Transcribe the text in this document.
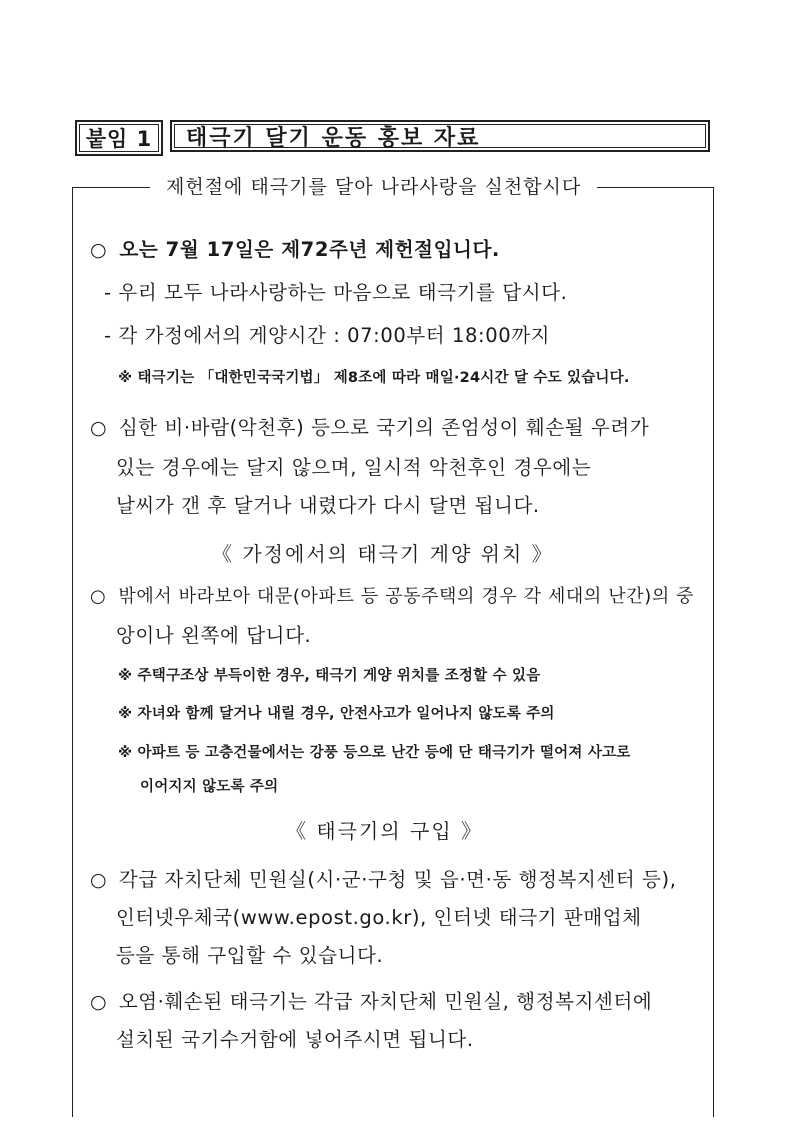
붙임 1	태극기 달기 운동 홍보 자료
제헌절에 태극기를 달아 나라사랑을 실천합시다
○ 오는 7월 17일은 제72주년 제헌절입니다.
- 우리 모두 나라사랑하는 마음으로 태극기를 답시다.
- 각 가정에서의 게양시간 : 07:00부터 18:00까지
※ 태극기는 「대한민국국기법」 제8조에 따라 매일·24시간 달 수도 있습니다.
○ 심한 비·바람(악천후) 등으로 국기의 존엄성이 훼손될 우려가
있는 경우에는 달지 않으며, 일시적 악천후인 경우에는
날씨가 갠 후 달거나 내렸다가 다시 달면 됩니다.
《 가정에서의 태극기 게양 위치 》
○ 밖에서 바라보아 대문(아파트 등 공동주택의 경우 각 세대의 난간)의 중
앙이나 왼쪽에 답니다.
※ 주택구조상 부득이한 경우, 태극기 게양 위치를 조정할 수 있음
※ 자녀와 함께 달거나 내릴 경우, 안전사고가 일어나지 않도록 주의
※ 아파트 등 고층건물에서는 강풍 등으로 난간 등에 단 태극기가 떨어져 사고로
이어지지 않도록 주의
《 태극기의 구입 》
○ 각급 자치단체 민원실(시·군·구청 및 읍·면·동 행정복지센터 등),
인터넷우체국(www.epost.go.kr), 인터넷 태극기 판매업체
등을 통해 구입할 수 있습니다.
○ 오염·훼손된 태극기는 각급 자치단체 민원실, 행정복지센터에
설치된 국기수거함에 넣어주시면 됩니다.
